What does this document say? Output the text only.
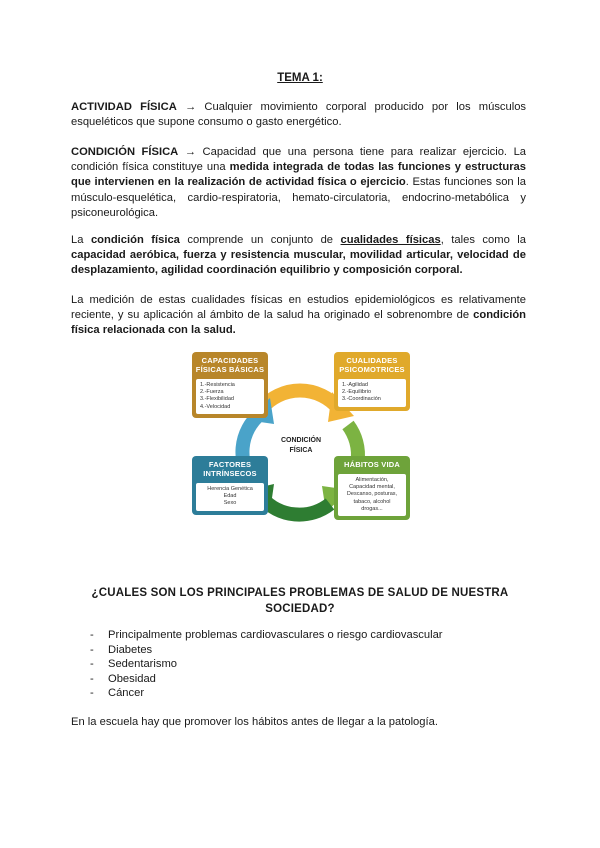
TEMA 1:
ACTIVIDAD FÍSICA → Cualquier movimiento corporal producido por los músculos esqueléticos que supone consumo o gasto energético.
CONDICIÓN FÍSICA → Capacidad que una persona tiene para realizar ejercicio. La condición física constituye una medida integrada de todas las funciones y estructuras que intervienen en la realización de actividad física o ejercicio. Estas funciones son la músculo-esquelética, cardio-respiratoria, hemato-circulatoria, endocrino-metabólica y psiconeurológica.
La condición física comprende un conjunto de cualidades físicas, tales como la capacidad aeróbica, fuerza y resistencia muscular, movilidad articular, velocidad de desplazamiento, agilidad coordinación equilibrio y composición corporal.
La medición de estas cualidades físicas en estudios epidemiológicos es relativamente reciente, y su aplicación al ámbito de la salud ha originado el sobrenombre de condición física relacionada con la salud.
CONDICIÓN
FÍSICA
CAPACIDADES
FÍSICAS BÁSICAS
1.-Resistencia
2.-Fuerza
3.-Flexibilidad
4.-Velocidad
CUALIDADES
PSICOMOTRICES
1.-Agilidad
2.-Equilibrio
3.-Coordinación
FACTORES
INTRÍNSECOS
Herencia Genética
Edad
Sexo
HÁBITOS VIDA
Alimentación,
Capacidad mental,
Descanso, posturas,
tabaco, alcohol
drogas...
¿CUALES SON LOS PRINCIPALES PROBLEMAS DE SALUD DE NUESTRA
SOCIEDAD?
- Principalmente problemas cardiovasculares o riesgo cardiovascular
- Diabetes
- Sedentarismo
- Obesidad
- Cáncer
En la escuela hay que promover los hábitos antes de llegar a la patología.
